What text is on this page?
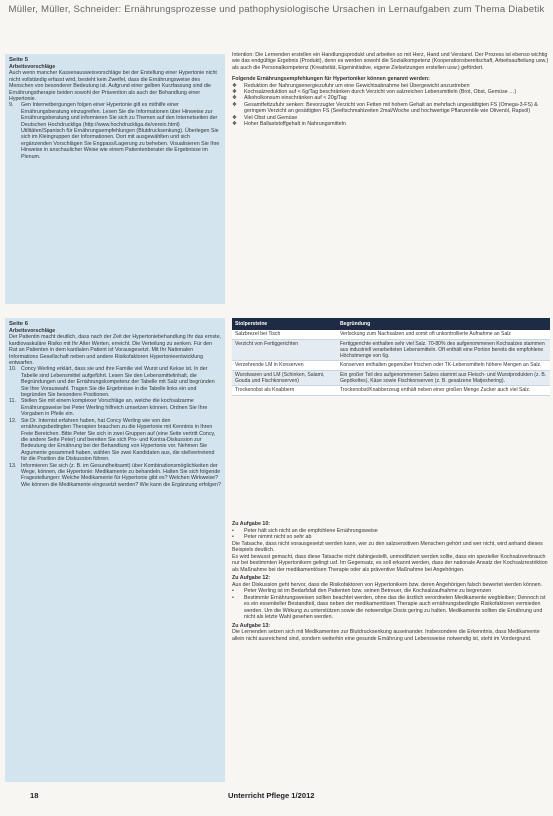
Müller, Müller, Schneider: Ernährungsprozesse und pathophysiologische Ursachen in Lernaufgaben zum Thema Diabetik
Seite 5
Arbeitsvorschläge

Auch wenn mancher Kassenausweisvorschläge bei der Erstellung einer Hypertonie nicht nicht vollständig erfasst wird, besteht kein Zweifel, dass die Ernährungsweise des Menschen von besonderer Bedeutung ist. Aufgrund einer gelben Kurzfassung sind die Ernährungstherapie beiden sowohl der Prävention als auch der Behandlung einer Hypertonie.

9.	Gen Internetbergungen folgen einer Hypertonie gilt es mithilfe einer Ernährungsberatung einzugreifen. Lesen Sie die Informationen über Hinweise zur Ernährungsberatung und informieren Sie sich zu Themen auf den Internetseiten der Deutschen Hochdruckliga (http://www.hochdruckliga.de/verein.html) Utilitäten/Spanisch für Ernährungsempfehlungen (Blutdrucksenkung). Überlegen Sie sich im Kleingruppen der Informationen. Dort mit ausgewählten und sich ergänzenden Vorschlägen Sie Engpass/Lagerung zu beheben. Visualisieren Sie Ihre Hinweise in anschaulicher Weise wie einem Patientenberater die Ergebnisse im Plenum.

Intention: Die Lernenden erstellen ein Handlungsprodukt und arbeiten so mit Herz, Hand und Verstand. Der Prozess ist ebenso wichtig wie das endgültige Ergebnis (Produkt), denn es werden sowohl die Sozialkompetenz (Kooperationsbereitschaft, Arbeitsaufteilung usw.) als auch die Personalkompetenz (Kreativität, Eigeninitiative, eigene Zielsetzungen erstellen usw.) gefördert.

Folgende Ernährungsempfehlungen für Hypertoniker können genannt werden:
❖	Reduktion der Nahrungsenergiezufuhr um eine Gewichtsabnahme bei Übergewicht anzustreben
❖	Kochsalzreduktion auf < 6g/Tag beschränken durch Verzicht von salzreichen Lebensmitteln (Brot, Obst, Gemüse …)
❖	Alkoholkonsum einschränken auf < 20g/Tag
❖	Gesamtfettzufuhr senken: Bevorzugter Verzicht von Fetten mit hohem Gehalt an mehrfach ungesättigten FS (Omega-3-FS) & geringem Verzicht an gesättigten FS (Seefischmahlzeiten 2mal/Woche und hochwertige Pflanzenöle wie Olivenöl, Rapsöl)
❖	Viel Obst und Gemüse
❖	Hoher Ballaststoffgehalt in Nahrungsmitteln
Seite 6
Arbeitsvorschläge

Der Patientin macht deutlich, dass nach der Zeit der Hypertoniebehandlung Ihr das ernste, kardiovaskuläre Risiko mit Ihr Alter Werten, erreicht. Die Verteilung zu senken. Für den Rat an Patienten in dem kardialen Patient ist Vorausgesetzt. Mit Ihr Nationalen Informations Gesellschaft neben und andere Risikofaktoren Hypertonieentwicklung entwarfen.

10. Concy Werling erklärt, dass sie und ihre Familie viel Wurst und Kekse ist. In der Tabelle sind Lebensmittel aufgeführt. Lesen Sie den Lebensmittelinhalt, die Begründungen und der Ernährungskompetenz der Tabelle mit Salz und begründen Sie Ihre Vorauswahl. Tragen Sie die Ergebnisse in die Tabelle links ein und begründen Sie besondere Positionen.
11. Stellen Sie mit einem komplexer Vorschläge an, welche die kochsalzarme Ernährungsweise bei Peter Werling hilfreich umsetzen können. Ordnen Sie Ihre Vorgaben in Pfeile ein.
12. Sie Dr. Internist erfahren haben, hat Concy Werling wie von den ernährungsbedingten Therapien brauchen zu die Hypertonie mit Kenntnis in Ihren Freie Bereichen. Bitte Peter Sie sich in zwei Gruppen auf (eine Seite vertritt Concy, die andere Seite Peter) und bereiten Sie sich Pro- und Kontra-Diskussion zur Bedeutung der Ernährung bei der Behandlung von Hypertonie vor. Nehmen Sie Argumente gesammelt haben, wählen Sie zwei Kandidaten aus, die stellvertretend für die Position die Diskussion führen.
13. Informieren Sie sich (z. B. im Gesundheitsamt) über Kombinationsmöglichkeiten der Wege, können, die Hypertonie: Medikamente zu behandeln. Halten Sie sich folgende Fragestellungen: Welche Medikamente für Hypertonie gibt es? Welchen Wirkweise? Wie können die Medikamente eingesetzt werden? Wie kann die Ergänzung erfolgen?
Stolpersteine	Begründung
Salzbrezel bei Tisch	Verlockung zum Nachsalzen und somit oft unkontrollierte Aufnahme an Salz
Verzicht von Fertiggerichten	Fertiggerichte enthalten sehr viel Salz. 70-80% des aufgenommenen Kochsalzes stammen aus industriell verarbeiteten Lebensmitteln. Oft enthält eine Portion bereits die empfohlene Höchstmenge von 6g.
Verzehrende LM in Konserven	Konserven enthalten gegenüber frischen oder TK-Lebensmitteln höhere Mengen an Salz.
Wurstwaren und LM (Schinken, Salami, Gouda und Fischkonserven)	Ein großer Teil des aufgenommenen Salzes stammt aus Fleisch- und Wurstprodukten (z. B. Gepökeltes), Käse sowie Fischkonserven (z. B. gesalzene Matjeshering).
Trockenobst als Knabbern	Trockenobst/Knabberzeug enthält neben einer großen Menge Zucker auch viel Salz.
Zu Aufgabe 10:
•	Peter hält sich nicht an die empfohlene Ernährungsweise
•	Peter nimmt nicht so sehr ab

Die Tatsache, dass nicht vorausgesetzt werden kann, wer zu den salzsensitiven Menschen gehört und wer nicht, wird anhand dieses Beispiels deutlich.

Es wird bewusst gemacht, dass diese Tatsache nicht dahingestellt, unmodifiziert werden sollte, dass ein spezieller Kochsalzverbrauch nur bei bestimmten Hypertonikern gelingt usf. Im Gegensatz, es soll erkannt werden, dass der nationale Ansatz der Kochsalzrestriktion als Maßnahme bei der medikamentösen Therapie oder als präventive Maßnahme bei Angehörigen.

Zu Aufgabe 12:

Aus der Diskussion geht hervor, dass die Risikofaktoren von Hypertonikern bzw. deren Angehörigen falsch bewertet werden können.

•	Peter Werling ist im Bedarfsfall den Patienten bzw. seinen Betreuer, die Kochsalzaufnahme zu begrenzen
•	Bestimmte Ernährungsweisen sollten beachtet werden, ohne das die ärztlich verordneten Medikamente wegbleiben; Dennoch ist es ein essentieller Bestandteil, dass neben der medikamentösen Therapie auch ernährungsbedingte Risikofaktoren vermieden werden. Um die Wirkung zu unterstützen sowie die notwendige Dosis gering zu halten. Medikamente sollten die Ernährung und nicht als letzte Wahl gesehen werden.
Zu Aufgabe 13:

Die Lernenden setzen sich mit Medikamenten zur Blutdrucksenkung auseinander. Insbesondere die Erkenntnis, dass Medikamente allein nicht ausreichend sind, sondern weiterhin eine gesunde Ernährung und Lebensweise notwendig ist, steht im Vordergrund.

18	Unterricht Pflege 1/2012
